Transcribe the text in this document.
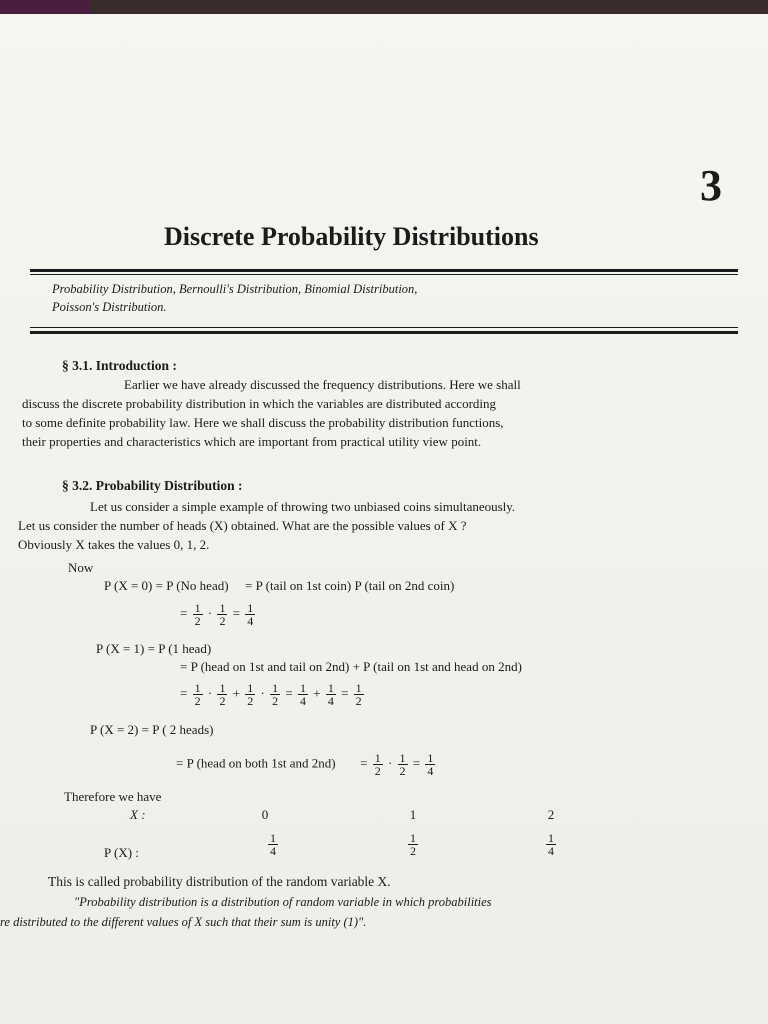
3
Discrete Probability Distributions
Probability Distribution, Bernoulli's Distribution, Binomial Distribution,
Poisson's Distribution.
§ 3.1. Introduction :

Earlier we have already discussed the frequency distributions. Here we shall

discuss the discrete probability distribution in which the variables are distributed according

to some definite probability law. Here we shall discuss the probability distribution functions,

their properties and characteristics which are important from practical utility view point.

§ 3.2. Probability Distribution :

Let us consider a simple example of throwing two unbiased coins simultaneously.

Let us consider the number of heads (X) obtained. What are the possible values of X ?

Obviously X takes the values 0, 1, 2.

Now
P (X = 0) = P (No head) = P (tail on 1st coin) P (tail on 2nd coin)
= $\frac{1}{2} \cdot \frac{1}{2} = \frac{1}{4}$
P (X = 1) = P (1 head)
= P (head on 1st and tail on 2nd) + P (tail on 1st and head on 2nd)
= $\frac{1}{2} \cdot \frac{1}{2} + \frac{1}{2} \cdot \frac{1}{2} = \frac{1}{4} + \frac{1}{4} = \frac{1}{2}$
P (X = 2) = P ( 2 heads)
= P (head on both 1st and $2nd) = \frac{1}{2} \cdot \frac{1}{2} = \frac{1}{4}$
Therefore we have
X :	0	1	2
P (X) :	$\frac{1}{4}$	$\frac{1}{2}$	$\frac{1}{4}$

This is called probability distribution of the random variable X.

"Probability distribution is a distribution of random variable in which probabilities

re distributed to the different values of X such that their sum is unity (1)".
